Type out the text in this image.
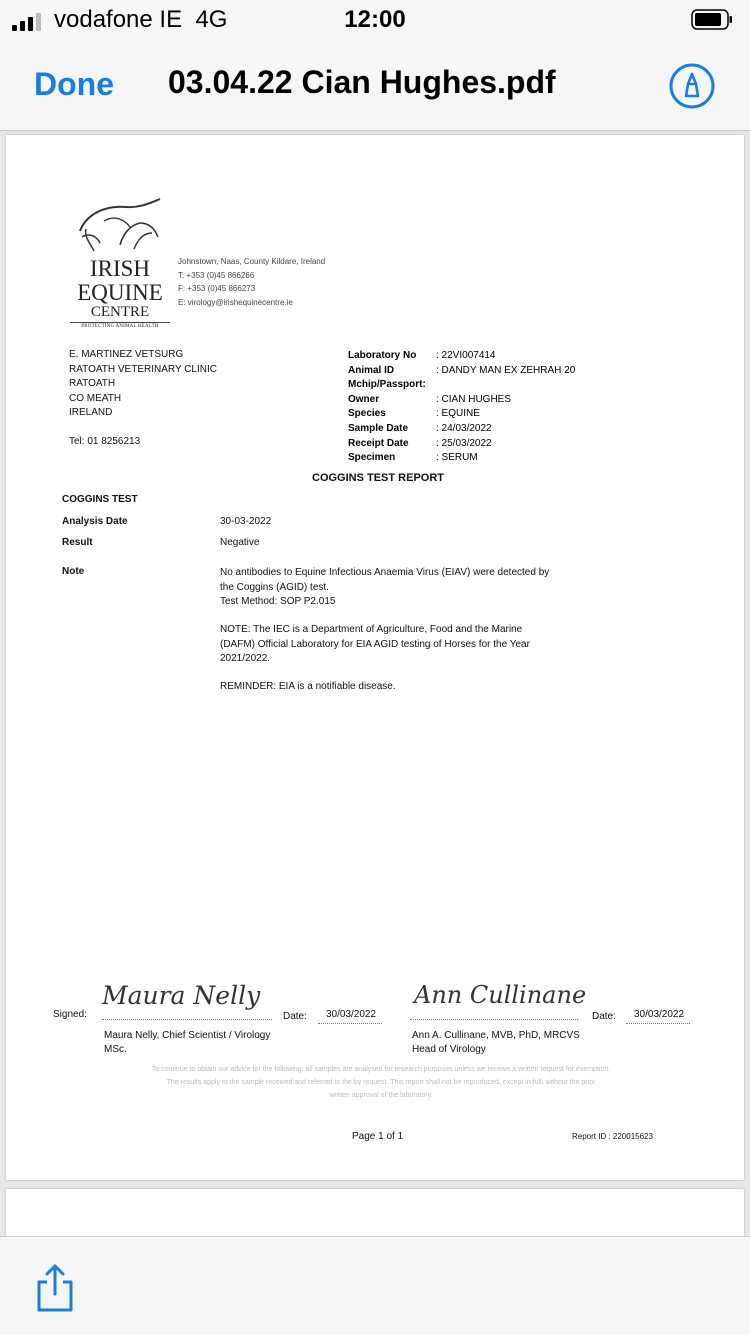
vodafone IE 4G	12:00
Done 03.04.22 Cian Hughes.pdf
IRISH
EQUINE
CENTRE
PROTECTING ANIMAL HEALTH
Johnstown, Naas, County Kildare, Ireland
T: +353 (0)45 866266
F: +353 (0)45 866273
E: virology@irishequinecentre.ie
E. MARTINEZ VETSURG
RATOATH VETERINARY CLINIC
RATOATH
CO MEATH
IRELAND
Tel: 01 8256213
Laboratory No : 22VI007414
Animal ID	: DANDY MAN EX ZEHRAH 20
Mchip/Passport:
Owner	: CIAN HUGHES
Species	: EQUINE
Sample Date	: 24/03/2022
Receipt Date	: 25/03/2022
Specimen	: SERUM
COGGINS TEST REPORT
COGGINS TEST
Analysis Date	30-03-2022
Result	Negative
Note	No antibodies to Equine Infectious Anaemia Virus (EIAV) were detected by
the Coggins (AGID) test.
Test Method: SOP P2.015
NOTE: The IEC is a Department of Agriculture, Food and the Marine
(DAFM) Official Laboratory for EIA AGID testing of Horses for the Year
2021/2022.
REMINDER: EIA is a notifiable disease.
Signed:
Maura Nelly
Date: 30/03/2022
Ann Cullinane
Date: 30/03/2022
Maura Nelly, Chief Scientist / Virology
MSc.
Ann A. Cullinane, MVB, PhD, MRCVS
Head of Virology
To continue to obtain our advice for the following, all samples are analysed for research purposes unless we receive a written request for exemption.
The results apply to the sample received and referred to the by request. This report shall not be reproduced, except in full, without the prior
written approval of the laboratory.
Page 1 of 1	Report ID : 220015623
